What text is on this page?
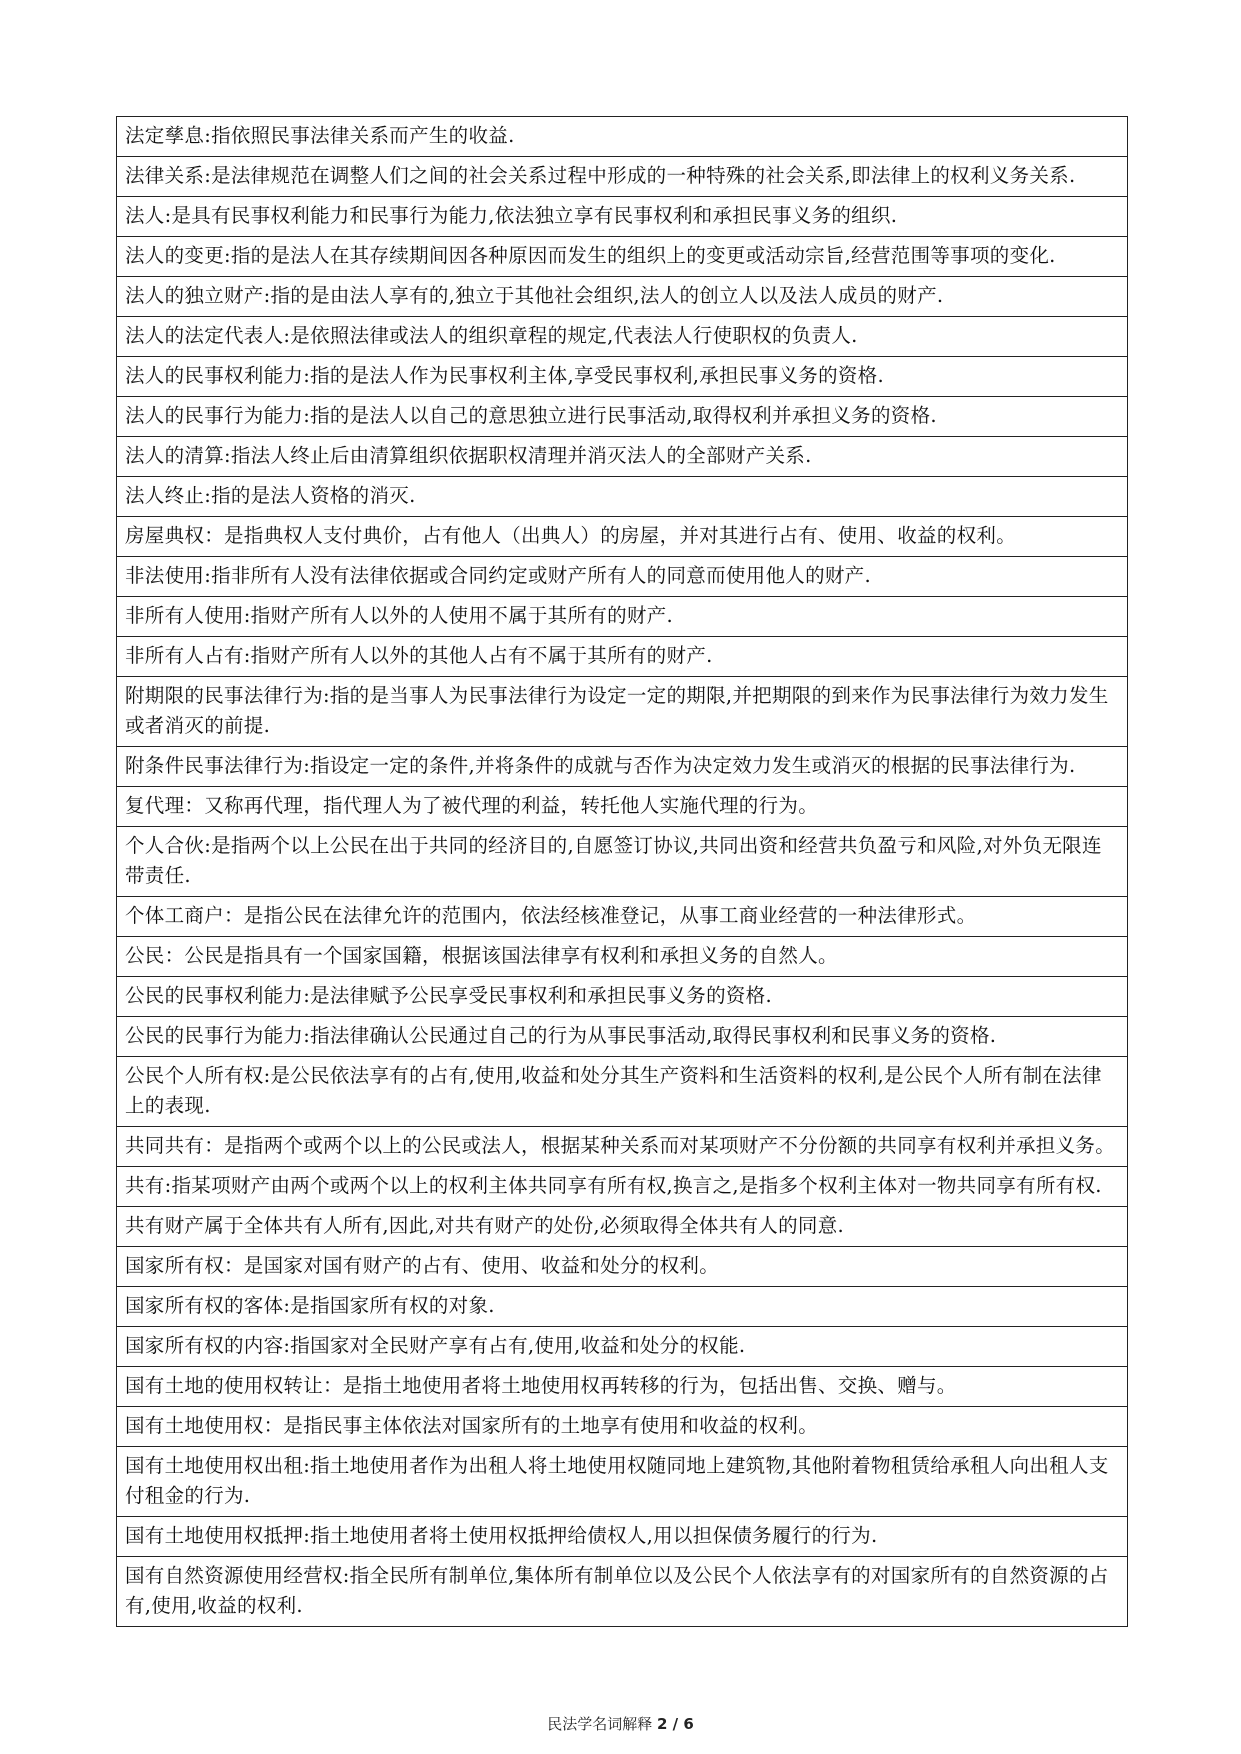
法定孳息:指依照民事法律关系而产生的收益.
法律关系:是法律规范在调整人们之间的社会关系过程中形成的一种特殊的社会关系,即法律上的权利义务关系.
法人:是具有民事权利能力和民事行为能力,依法独立享有民事权利和承担民事义务的组织.
法人的变更:指的是法人在其存续期间因各种原因而发生的组织上的变更或活动宗旨,经营范围等事项的变化.
法人的独立财产:指的是由法人享有的,独立于其他社会组织,法人的创立人以及法人成员的财产.
法人的法定代表人:是依照法律或法人的组织章程的规定,代表法人行使职权的负责人.
法人的民事权利能力:指的是法人作为民事权利主体,享受民事权利,承担民事义务的资格.
法人的民事行为能力:指的是法人以自己的意思独立进行民事活动,取得权利并承担义务的资格.
法人的清算:指法人终止后由清算组织依据职权清理并消灭法人的全部财产关系.
法人终止:指的是法人资格的消灭.
房屋典权：是指典权人支付典价，占有他人（出典人）的房屋，并对其进行占有、使用、收益的权利。
非法使用:指非所有人没有法律依据或合同约定或财产所有人的同意而使用他人的财产.
非所有人使用:指财产所有人以外的人使用不属于其所有的财产.
非所有人占有:指财产所有人以外的其他人占有不属于其所有的财产.
附期限的民事法律行为:指的是当事人为民事法律行为设定一定的期限,并把期限的到来作为民事法律行为效力发生或者消灭的前提.
附条件民事法律行为:指设定一定的条件,并将条件的成就与否作为决定效力发生或消灭的根据的民事法律行为.
复代理：又称再代理，指代理人为了被代理的利益，转托他人实施代理的行为。
个人合伙:是指两个以上公民在出于共同的经济目的,自愿签订协议,共同出资和经营共负盈亏和风险,对外负无限连带责任.
个体工商户：是指公民在法律允许的范围内，依法经核准登记，从事工商业经营的一种法律形式。
公民：公民是指具有一个国家国籍，根据该国法律享有权利和承担义务的自然人。
公民的民事权利能力:是法律赋予公民享受民事权利和承担民事义务的资格.
公民的民事行为能力:指法律确认公民通过自己的行为从事民事活动,取得民事权利和民事义务的资格.
公民个人所有权:是公民依法享有的占有,使用,收益和处分其生产资料和生活资料的权利,是公民个人所有制在法律上的表现.
共同共有：是指两个或两个以上的公民或法人，根据某种关系而对某项财产不分份额的共同享有权利并承担义务。
共有:指某项财产由两个或两个以上的权利主体共同享有所有权,换言之,是指多个权利主体对一物共同享有所有权.
共有财产属于全体共有人所有,因此,对共有财产的处份,必须取得全体共有人的同意.
国家所有权：是国家对国有财产的占有、使用、收益和处分的权利。
国家所有权的客体:是指国家所有权的对象.
国家所有权的内容:指国家对全民财产享有占有,使用,收益和处分的权能.
国有土地的使用权转让：是指土地使用者将土地使用权再转移的行为，包括出售、交换、赠与。
国有土地使用权：是指民事主体依法对国家所有的土地享有使用和收益的权利。
国有土地使用权出租:指土地使用者作为出租人将土地使用权随同地上建筑物,其他附着物租赁给承租人向出租人支付租金的行为.
国有土地使用权抵押:指土地使用者将土使用权抵押给债权人,用以担保债务履行的行为.
国有自然资源使用经营权:指全民所有制单位,集体所有制单位以及公民个人依法享有的对国家所有的自然资源的占有,使用,收益的权利.
民法学名词解释 2 / 6
